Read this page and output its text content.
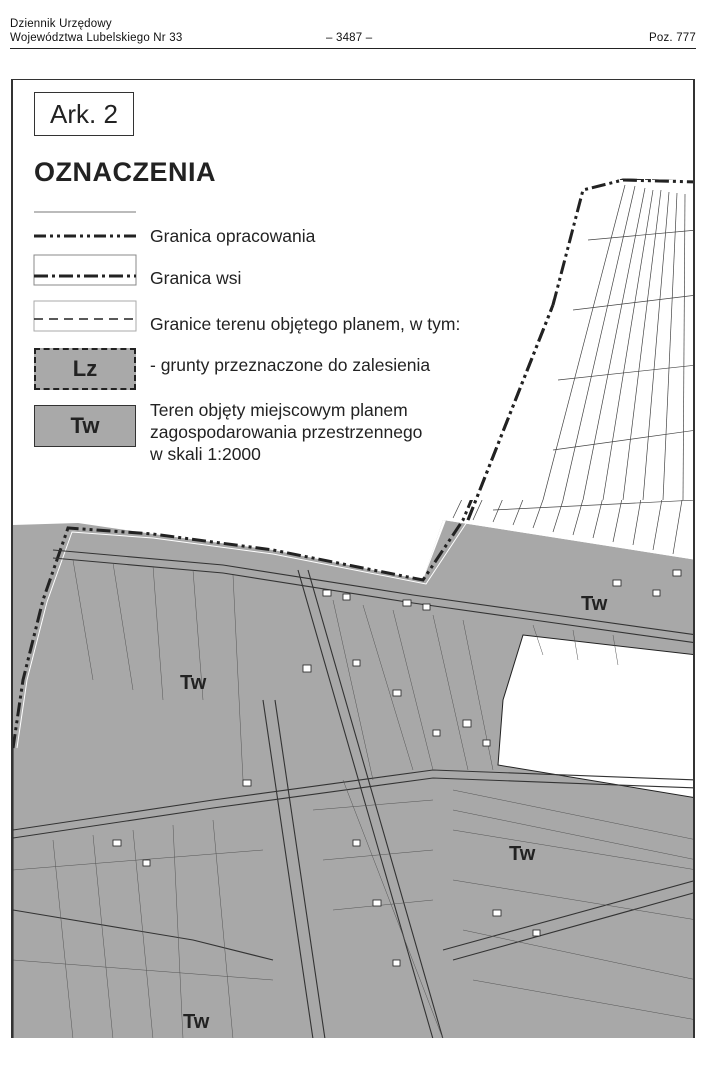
Dziennik Urzędowy
Województwa Lubelskiego Nr 33	– 3487 –	Poz. 777
Ark. 2
OZNACZENIA
Granica opracowania
Granica wsi
Granice terenu objętego planem, w tym:
Lz	- grunty przeznaczone do zalesienia
Tw
Teren objęty miejscowym planem
zagospodarowania przestrzennego
w skali 1:2000
Tw
Tw
Tw
Tw
